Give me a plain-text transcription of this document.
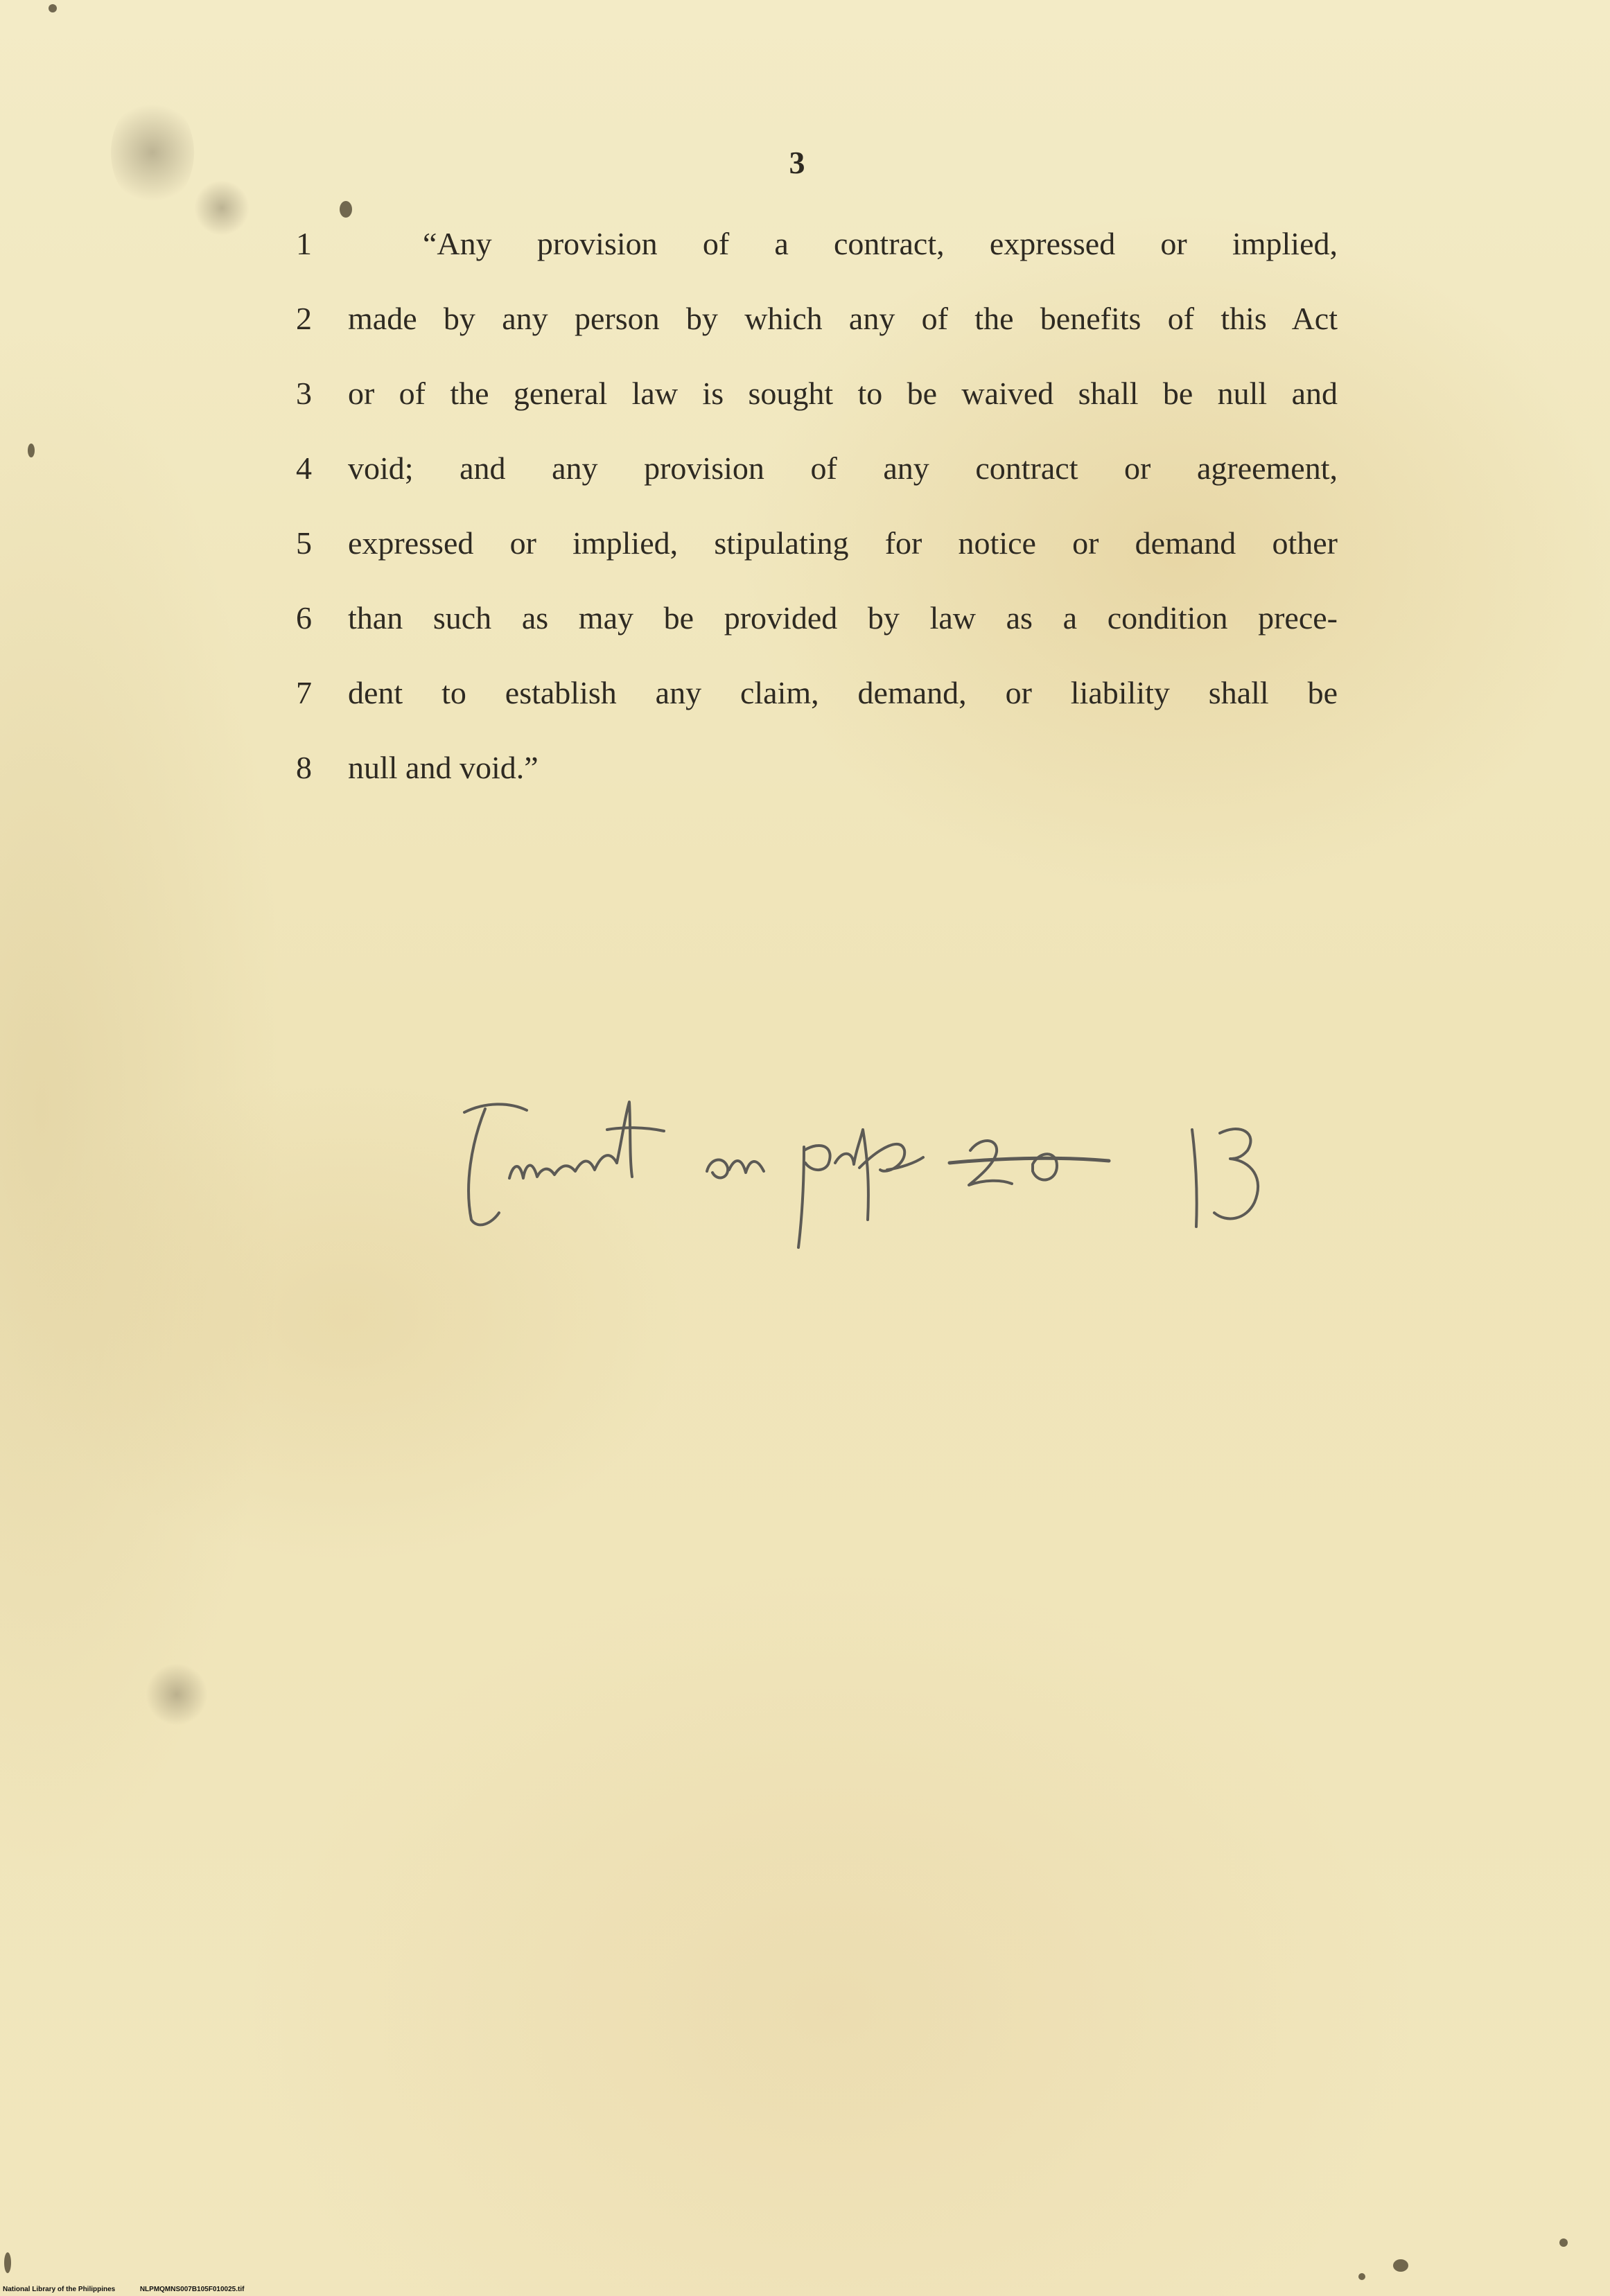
3
1	“Any provision of a contract, expressed or implied,
2 made by any person by which any of the benefits of this Act
3 or of the general law is sought to be waived shall be null and
4 void; and any provision of any contract or agreement,
5 expressed or implied, stipulating for notice or demand other
6 than such as may be provided by law as a condition prece-
7 dent to establish any claim, demand, or liability shall be
8 null and void.”
National Library of the Philippines	NLPMQMNS007B105F010025.tif
